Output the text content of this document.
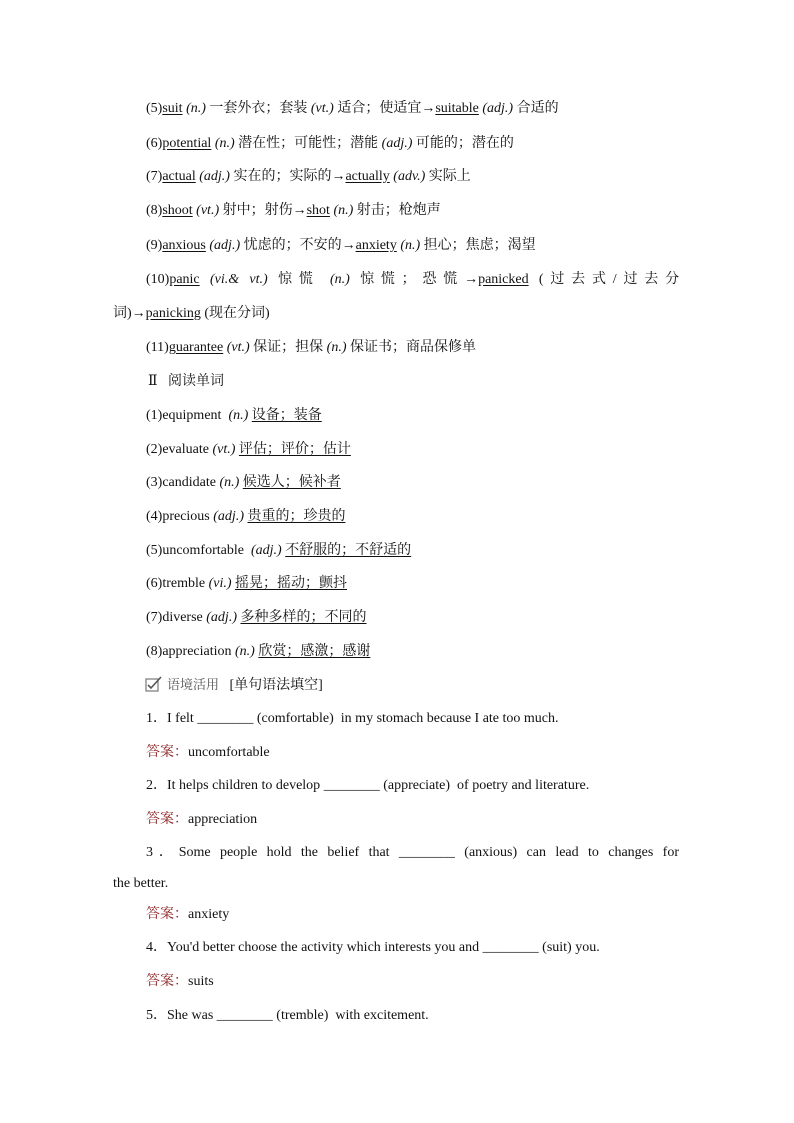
(5)suit (n.) 一套外衣；套装 (vt.) 适合；使适宜→suitable (adj.) 合适的
(6)potential (n.) 潜在性；可能性；潜能 (adj.) 可能的；潜在的
(7)actual (adj.) 实在的；实际的→actually (adv.) 实际上
(8)shoot (vt.) 射中；射伤→shot (n.) 射击；枪炮声
(9)anxious (adj.) 忧虑的；不安的→anxiety (n.) 担心；焦虑；渴望
(10)panic (vi.& vt.) 惊慌 (n.) 惊慌；恐慌→panicked (过去式/过去分
词)→panicking (现在分词)
(11)guarantee (vt.) 保证；担保 (n.) 保证书；商品保修单
Ⅱ 阅读单词
(1)equipment (n.) 设备；装备
(2)evaluate (vt.) 评估；评价；估计
(3)candidate (n.) 候选人；候补者
(4)precious (adj.) 贵重的；珍贵的
(5)uncomfortable (adj.) 不舒服的；不舒适的
(6)tremble (vi.) 摇晃；摇动；颤抖
(7)diverse (adj.) 多种多样的；不同的
(8)appreciation (n.) 欣赏；感激；感谢
语境活用 [单句语法填空]
1．I felt ________ (comfortable) in my stomach because I ate too much.
答案：uncomfortable
2．It helps children to develop ________ (appreciate) of poetry and literature.
答案：appreciation
3．Some people hold the belief that ________ (anxious) can lead to changes for
the better.
答案：anxiety
4．You'd better choose the activity which interests you and ________ (suit) you.
答案：suits
5．She was ________ (tremble) with excitement.
